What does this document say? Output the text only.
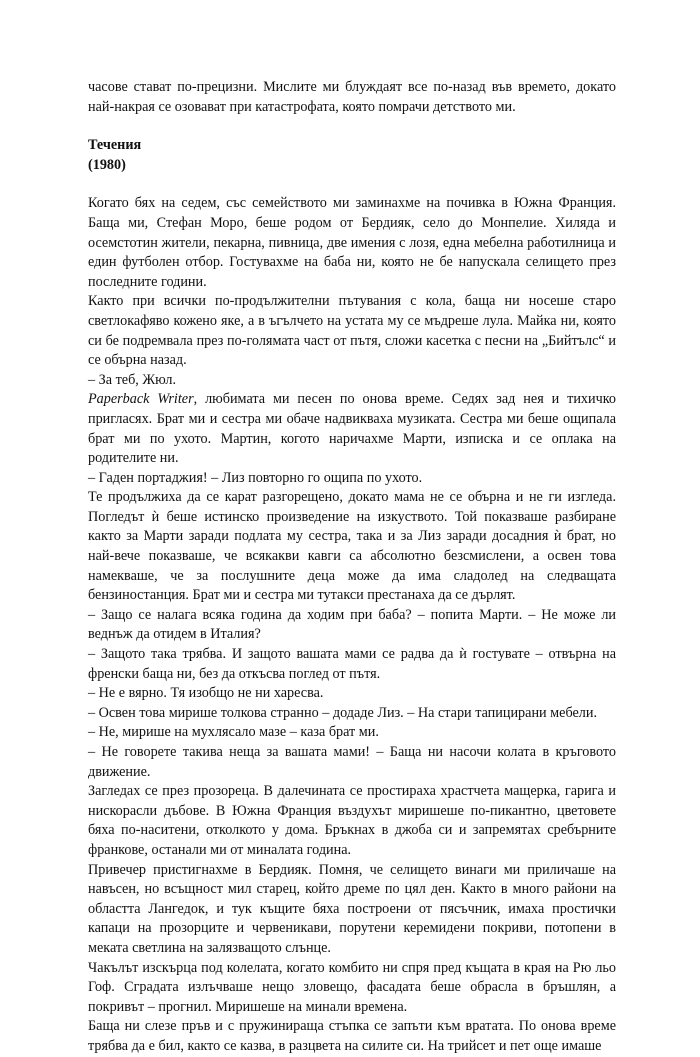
часове стават по-прецизни. Мислите ми блуждаят все по-назад във времето, докато най-накрая се озовават при катастрофата, която помрачи детството ми.

Течения
(1980)

Когато бях на седем, със семейството ми заминахме на почивка в Южна Франция. Баща ми, Стефан Моро, беше родом от Бердияк, село до Монпелие. Хиляда и осемстотин жители, пекарна, пивница, две имения с лозя, една мебелна работилница и един футболен отбор. Гостувахме на баба ни, която не бе напускала селището през последните години.

Както при всички по-продължителни пътувания с кола, баща ни носеше старо светлокафяво кожено яке, а в ъгълчето на устата му се мъдреше лула. Майка ни, която си бе подремвала през по-голямата част от пътя, сложи касетка с песни на „Бийтълс“ и се обърна назад.

– За теб, Жюл.

Paperback Writer, любимата ми песен по онова време. Седях зад нея и тихичко пригласях. Брат ми и сестра ми обаче надвикваха музиката. Сестра ми беше ощипала брат ми по ухото. Мартин, когото наричахме Марти, изписка и се оплака на родителите ни.

– Гаден портаджия! – Лиз повторно го ощипа по ухото.

Те продължиха да се карат разгорещено, докато мама не се обърна и не ги изгледа. Погледът ѝ беше истинско произведение на изкуството. Той показваше разбиране както за Марти заради подлата му сестра, така и за Лиз заради досадния ѝ брат, но най-вече показваше, че всякакви кавги са абсолютно безсмислени, а освен това намекваше, че за послушните деца може да има сладолед на следващата бензиностанция. Брат ми и сестра ми тутакси престанаха да се дърлят.

– Защо се налага всяка година да ходим при баба? – попита Марти. – Не може ли веднъж да отидем в Италия?

– Защото така трябва. И защото вашата мами се радва да ѝ гостувате – отвърна на френски баща ни, без да откъсва поглед от пътя.

– Не е вярно. Тя изобщо не ни харесва.

– Освен това мирише толкова странно – додаде Лиз. – На стари тапицирани мебели.

– Не, мирише на мухлясало мазе – каза брат ми.

– Не говорете такива неща за вашата мами! – Баща ни насочи колата в кръговото движение.

Загледах се през прозореца. В далечината се простираха храстчета мащерка, гарига и нискорасли дъбове. В Южна Франция въздухът миришеше по-пикантно, цветовете бяха по-наситени, отколкото у дома. Бръкнах в джоба си и запремятах сребърните франкове, останали ми от миналата година.

Привечер пристигнахме в Бердияк. Помня, че селището винаги ми приличаше на навъсен, но всъщност мил старец, който дреме по цял ден. Както в много райони на областта Лангедок, и тук къщите бяха построени от пясъчник, имаха простички капаци на прозорците и червеникави, порутени керемидени покриви, потопени в меката светлина на залязващото слънце.

Чакълът изскърца под колелата, когато комбито ни спря пред къщата в края на Рю льо Гоф. Сградата излъчваше нещо зловещо, фасадата беше обрасла в бръшлян, а покривът – прогнил. Миришеше на минали времена.

Баща ни слезе пръв и с пружинираща стъпка се запъти към вратата. По онова време трябва да е бил, както се казва, в разцвета на силите си. На трийсет и пет още имаше
